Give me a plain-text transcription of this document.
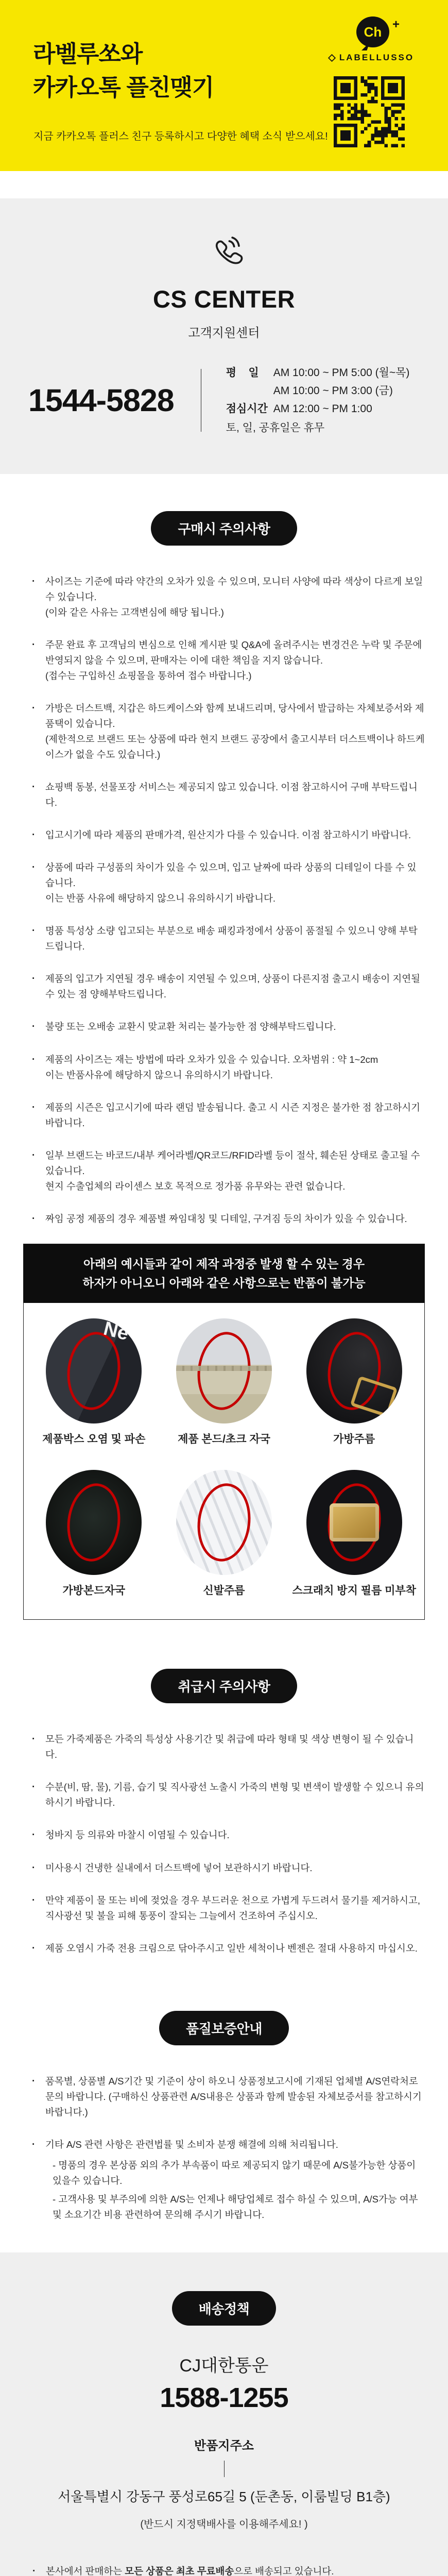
라벨루쏘와
카카오톡 플친맺기
지금 카카오톡 플러스 친구 등록하시고 다양한 혜택 소식 받으세요!
Ch +
LABELLUSSO
CS CENTER
고객지원센터
1544-5828
평    일	AM 10:00 ~ PM 5:00 (월~목)
AM 10:00 ~ PM 3:00 (금)
점심시간 AM 12:00 ~ PM 1:00
토, 일, 공휴일은 휴무
구매시 주의사항
· 사이즈는 기준에 따라 약간의 오차가 있을 수 있으며, 모니터 사양에 따라 색상이 다르게 보일 수 있습니다.
(이와 같은 사유는 고객변심에 해당 됩니다.)
· 주문 완료 후 고객님의 변심으로 인해 게시판 및 Q&A에 올려주시는 변경건은 누락 및 주문에 반영되지 않을 수 있으며, 판매자는 이에 대한 책임을 지지 않습니다.
(접수는 구입하신 쇼핑몰을 통하여 접수 바랍니다.)
· 가방은 더스트백, 지갑은 하드케이스와 함께 보내드리며, 당사에서 발급하는 자체보증서와 제품택이 있습니다.
(제한적으로 브랜드 또는 상품에 따라 현지 브랜드 공장에서 출고시부터 더스트백이나 하드케이스가 없을 수도 있습니다.)
· 쇼핑백 동봉, 선물포장 서비스는 제공되지 않고 있습니다. 이점 참고하시어 구매 부탁드립니다.
· 입고시기에 따라 제품의 판매가격, 원산지가 다를 수 있습니다. 이점 참고하시기 바랍니다.
· 상품에 따라 구성품의 차이가 있을 수 있으며, 입고 날짜에 따라 상품의 디테일이 다를 수 있습니다.
이는 반품 사유에 해당하지 않으니 유의하시기 바랍니다.
· 명품 특성상 소량 입고되는 부분으로 배송 패킹과정에서 상품이 품절될 수 있으니 양해 부탁드립니다.
· 제품의 입고가 지연될 경우 배송이 지연될 수 있으며, 상품이 다른지점 출고시 배송이 지연될 수 있는 점 양해부탁드립니다.
· 불량 또는 오배송 교환시 맞교환 처리는 불가능한 점 양해부탁드립니다.
· 제품의 사이즈는 재는 방법에 따라 오차가 있을 수 있습니다. 오차범위 : 약 1~2cm
이는 반품사유에 해당하지 않으니 유의하시기 바랍니다.
· 제품의 시즌은 입고시기에 따라 랜덤 발송됩니다. 출고 시 시즌 지정은 불가한 점 참고하시기 바랍니다.
· 일부 브랜드는 바코드/내부 케어라벨/QR코드/RFID라벨 등이 절삭, 훼손된 상태로 출고될 수 있습니다.
현지 수출업체의 라이센스 보호 목적으로 정가품 유무와는 관련 없습니다.
· 짜임 공정 제품의 경우 제품별 짜임대칭 및 디테일, 구겨짐 등의 차이가 있을 수 있습니다.
아래의 예시들과 같이 제작 과정중 발생 할 수 있는 경우
하자가 아니오니 아래와 같은 사항으로는 반품이 불가능
Ne
제품박스 오염 및 파손	제품 본드/초크 자국	가방주름
가방본드자국	신발주름	스크래치 방지 필름 미부착
취급시 주의사항
· 모든 가죽제품은 가죽의 특성상 사용기간 및 취급에 따라 형태 및 색상 변형이 될 수 있습니다.
· 수분(비, 땀, 물), 기름, 습기 및 직사광선 노출시 가죽의 변형 및 변색이 발생할 수 있으니 유의하시기 바랍니다.
· 청바지 등 의류와 마찰시 이염될 수 있습니다.
· 미사용시 건냉한 실내에서 더스트백에 넣어 보관하시기 바랍니다.
· 만약 제품이 물 또는 비에 젖었을 경우 부드러운 천으로 가볍게 두드려서 물기를 제거하시고, 직사광선 및 불을 피해 통풍이 잘되는 그늘에서 건조하여 주십시오.
· 제품 오염시 가죽 전용 크림으로 닦아주시고 일반 세척이나 벤젠은 절대 사용하지 마십시오.
품질보증안내
· 품목별, 상품별 A/S기간 및 기준이 상이 하오니 상품정보고시에 기재된 업체별 A/S연락처로 문의 바랍니다. (구매하신 상품관련 A/S내용은 상품과 함께 발송된 자체보증서를 참고하시기 바랍니다.)
· 기타 A/S 관련 사항은 관련법률 및 소비자 분쟁 해결에 의해 처리됩니다.
- 명품의 경우 본상품 외의 추가 부속품이 따로 제공되지 않기 때문에 A/S불가능한 상품이 있을수 있습니다.
- 고객사용 및 부주의에 의한 A/S는 언제나 해당업체로 접수 하실 수 있으며, A/S가능 여부 및 소요기간 비용 관련하여 문의해 주시기 바랍니다.
배송정책
CJ대한통운
1588-1255
반품지주소
서울특별시 강동구 풍성로65길 5 (둔촌동, 이룸빌딩 B1층)
(반드시 지정택배사를 이용해주세요! )
· 본사에서 판매하는 모든 상품은 최초 무료배송으로 배송되고 있습니다.
